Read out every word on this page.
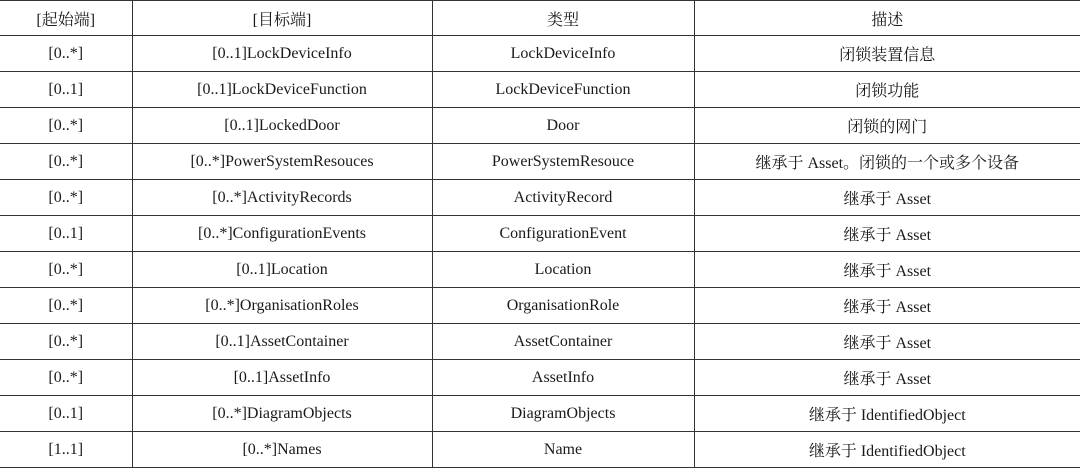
[起始端]	[目标端]	类型	描述
[0..*]	[0..1]LockDeviceInfo	LockDeviceInfo	闭锁装置信息
[0..1]	[0..1]LockDeviceFunction	LockDeviceFunction	闭锁功能
[0..*]	[0..1]LockedDoor	Door	闭锁的网门
[0..*]	[0..*]PowerSystemResouces	PowerSystemResouce	继承于 Asset。闭锁的一个或多个设备
[0..*]	[0..*]ActivityRecords	ActivityRecord	继承于 Asset
[0..1]	[0..*]ConfigurationEvents	ConfigurationEvent	继承于 Asset
[0..*]	[0..1]Location	Location	继承于 Asset
[0..*]	[0..*]OrganisationRoles	OrganisationRole	继承于 Asset
[0..*]	[0..1]AssetContainer	AssetContainer	继承于 Asset
[0..*]	[0..1]AssetInfo	AssetInfo	继承于 Asset
[0..1]	[0..*]DiagramObjects	DiagramObjects	继承于 IdentifiedObject
[1..1]	[0..*]Names	Name	继承于 IdentifiedObject
